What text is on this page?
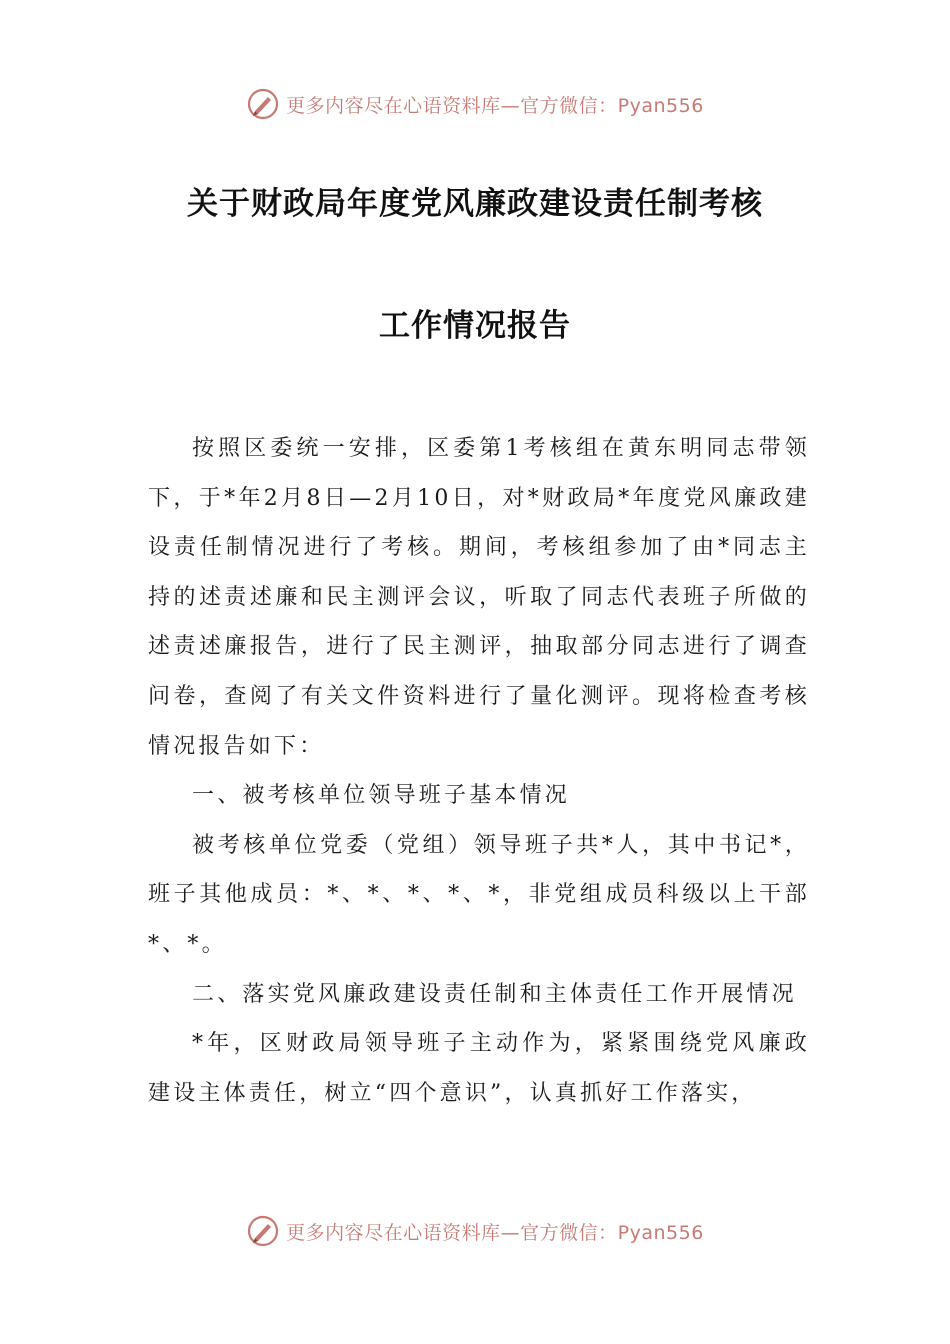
更多内容尽在心语资料库—官方微信：Pyan556
关于财政局年度党风廉政建设责任制考核
工作情况报告

按照区委统一安排，区委第1考核组在黄东明同志带领下，于*年2月8日—2月10日，对*财政局*年度党风廉政建设责任制情况进行了考核。期间，考核组参加了由*同志主持的述责述廉和民主测评会议，听取了同志代表班子所做的述责述廉报告，进行了民主测评，抽取部分同志进行了调查问卷，查阅了有关文件资料进行了量化测评。现将检查考核情况报告如下：

一、被考核单位领导班子基本情况

被考核单位党委（党组）领导班子共*人，其中书记*，班子其他成员：*、*、*、*、*，非党组成员科级以上干部*、*。

二、落实党风廉政建设责任制和主体责任工作开展情况

*年，区财政局领导班子主动作为，紧紧围绕党风廉政建设主体责任，树立“四个意识”，认真抓好工作落实，

更多内容尽在心语资料库—官方微信：Pyan556
